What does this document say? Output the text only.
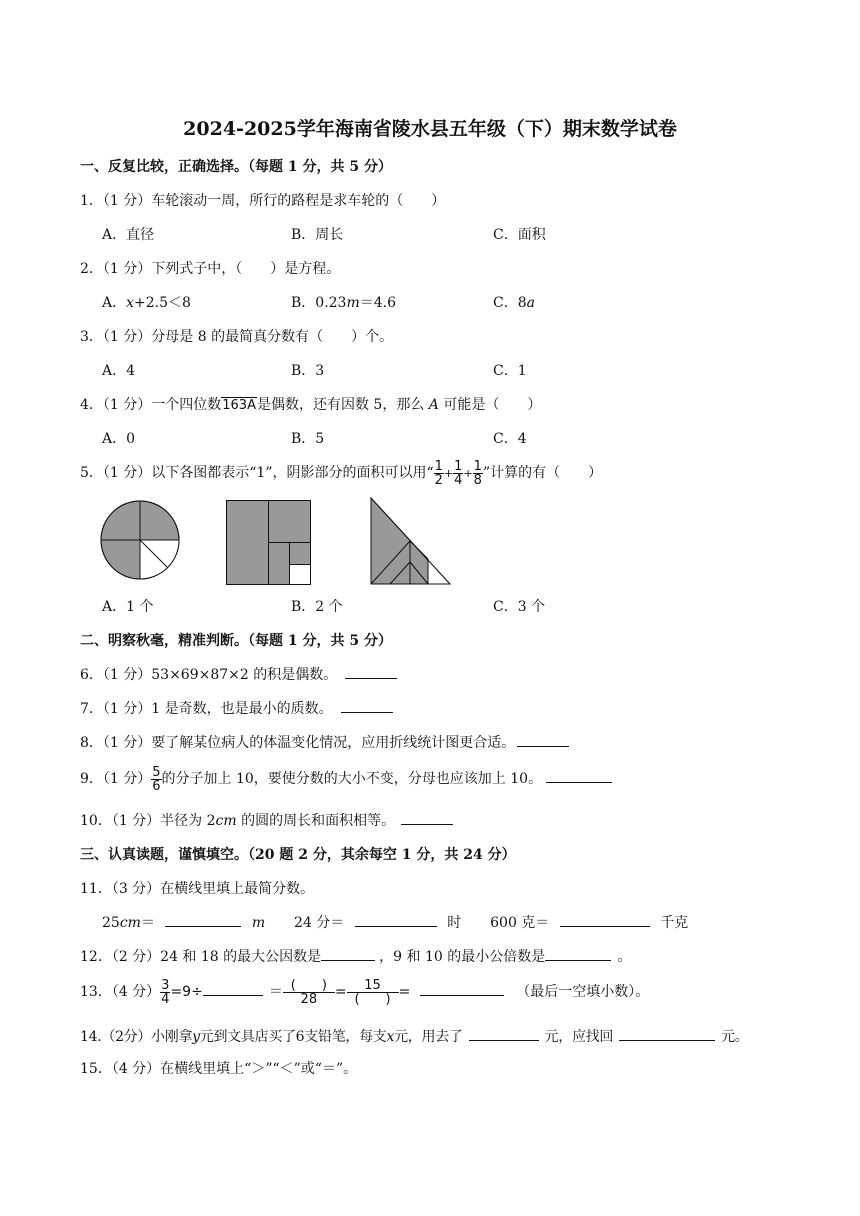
2024-2025学年海南省陵水县五年级（下）期末数学试卷
一、反复比较，正确选择。（每题 1 分，共 5 分）
1．（1 分）车轮滚动一周，所行的路程是求车轮的（　　）
A．直径	B．周长	C．面积
2．（1 分）下列式子中，（　　）是方程。
A．x+2.5＜8	B．0.23m＝4.6	C．8a
3．（1 分）分母是 8 的最简真分数有（　　）个。
A．4	B．3	C．1
4．（1 分）一个四位数163A是偶数，还有因数 5，那么 A 可能是（　　）
A．0	B．5	C．4
5．（1 分）以下各图都表示“1”，阴影部分的面积可以用“ $\frac{1}{2} + \frac{1}{4} + \frac{1}{8}$ ”计算的有（　　）
A．1 个	B．2 个	C．3 个
二、明察秋毫，精准判断。（每题 1 分，共 5 分）
6．（1 分）53×69×87×2 的积是偶数。
7．（1 分）1 是奇数，也是最小的质数。
8．（1 分）要了解某位病人的体温变化情况，应用折线统计图更合适。
9．（1 分） $\frac{5}{6}$ 的分子加上 10，要使分数的大小不变，分母也应该加上 10。
10．（1 分）半径为 2cm 的圆的周长和面积相等。
三、认真读题，谨慎填空。（20 题 2 分，其余每空 1 分，共 24 分）
11．（3 分）在横线里填上最简分数。
25cm＝	m 24 分＝	时 600 克＝	千克
12．（2 分）24 和 18 的最大公因数是	，9 和 10 的最小公倍数是	。
13．（4 分） $\frac{3}{4} =9\div$	＝ $\frac{( )}{28} = \frac{15}{( )}$ =	（最后一空填小数）。
14.（2分）小刚拿y元到文具店买了6支铅笔，每支x元，用去了	元，应找回	元。
15．（4 分）在横线里填上“＞”“＜”或“＝”。
